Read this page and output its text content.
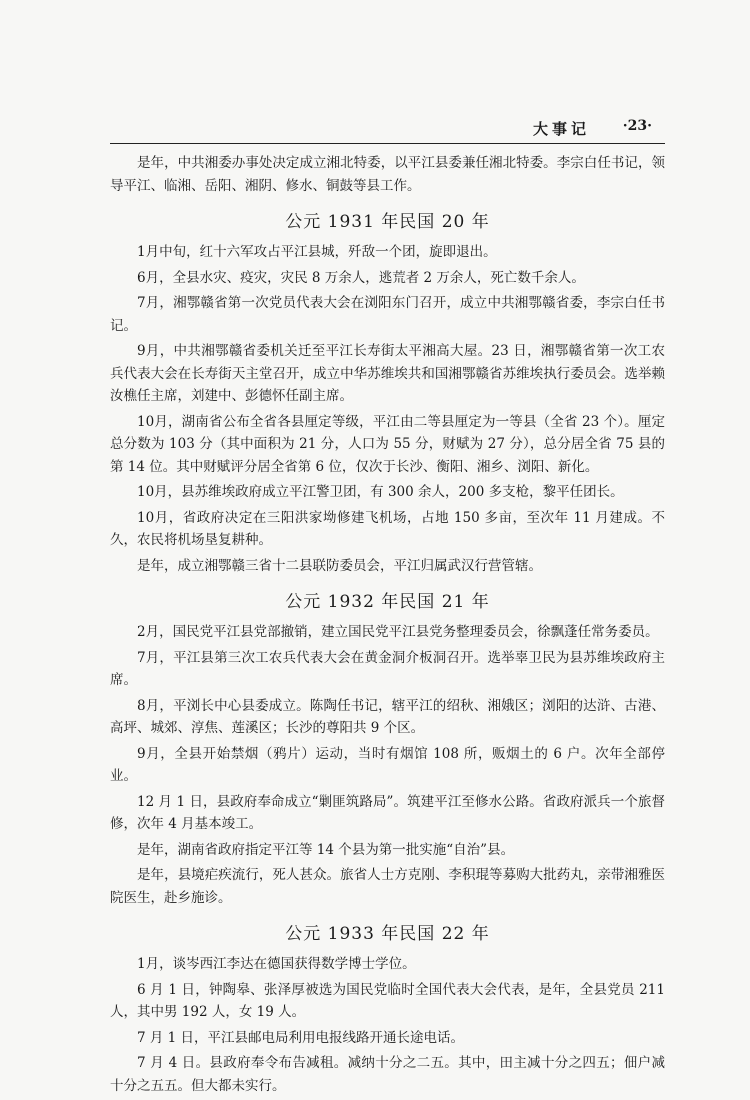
大事记 ·23·

是年，中共湘委办事处决定成立湘北特委，以平江县委兼任湘北特委。李宗白任书记，领导平江、临湘、岳阳、湘阴、修水、铜鼓等县工作。

公元 1931 年民国 20 年

1月中旬，红十六军攻占平江县城，歼敌一个团，旋即退出。

6月，全县水灾、疫灾，灾民 8 万余人，逃荒者 2 万余人，死亡数千余人。

7月，湘鄂赣省第一次党员代表大会在浏阳东门召开，成立中共湘鄂赣省委，李宗白任书记。

9月，中共湘鄂赣省委机关迁至平江长寿街太平湘高大屋。23 日，湘鄂赣省第一次工农兵代表大会在长寿街天主堂召开，成立中华苏维埃共和国湘鄂赣省苏维埃执行委员会。选举赖汝樵任主席，刘建中、彭德怀任副主席。

10月，湖南省公布全省各县厘定等级，平江由二等县厘定为一等县（全省 23 个）。厘定总分数为 103 分（其中面积为 21 分，人口为 55 分，财赋为 27 分），总分居全省 75 县的第 14 位。其中财赋评分居全省第 6 位，仅次于长沙、衡阳、湘乡、浏阳、新化。

10月，县苏维埃政府成立平江警卫团，有 300 余人，200 多支枪，黎平任团长。

10月，省政府决定在三阳洪家坳修建飞机场，占地 150 多亩，至次年 11 月建成。不久，农民将机场垦复耕种。

是年，成立湘鄂赣三省十二县联防委员会，平江归属武汉行营管辖。

公元 1932 年民国 21 年

2月，国民党平江县党部撤销，建立国民党平江县党务整理委员会，徐飘蓬任常务委员。

7月，平江县第三次工农兵代表大会在黄金洞介板洞召开。选举辜卫民为县苏维埃政府主席。

8月，平浏长中心县委成立。陈陶任书记，辖平江的绍秋、湘娥区；浏阳的达浒、古港、高坪、城郊、淳焦、莲溪区；长沙的尊阳共 9 个区。

9月，全县开始禁烟（鸦片）运动，当时有烟馆 108 所，贩烟土的 6 户。次年全部停业。

12 月 1 日，县政府奉命成立“剿匪筑路局”。筑建平江至修水公路。省政府派兵一个旅督修，次年 4 月基本竣工。

是年，湖南省政府指定平江等 14 个县为第一批实施“自治”县。

是年，县境疟疾流行，死人甚众。旅省人士方克刚、李积琨等募购大批药丸，亲带湘雅医院医生，赴乡施诊。

公元 1933 年民国 22 年

1月，谈岑西江李达在德国获得数学博士学位。

6 月 1 日，钟陶皋、张泽厚被选为国民党临时全国代表大会代表，是年，全县党员 211 人，其中男 192 人，女 19 人。

7 月 1 日，平江县邮电局利用电报线路开通长途电话。

7 月 4 日。县政府奉令布告减租。减纳十分之二五。其中，田主减十分之四五；佃户减十分之五五。但大都未实行。
